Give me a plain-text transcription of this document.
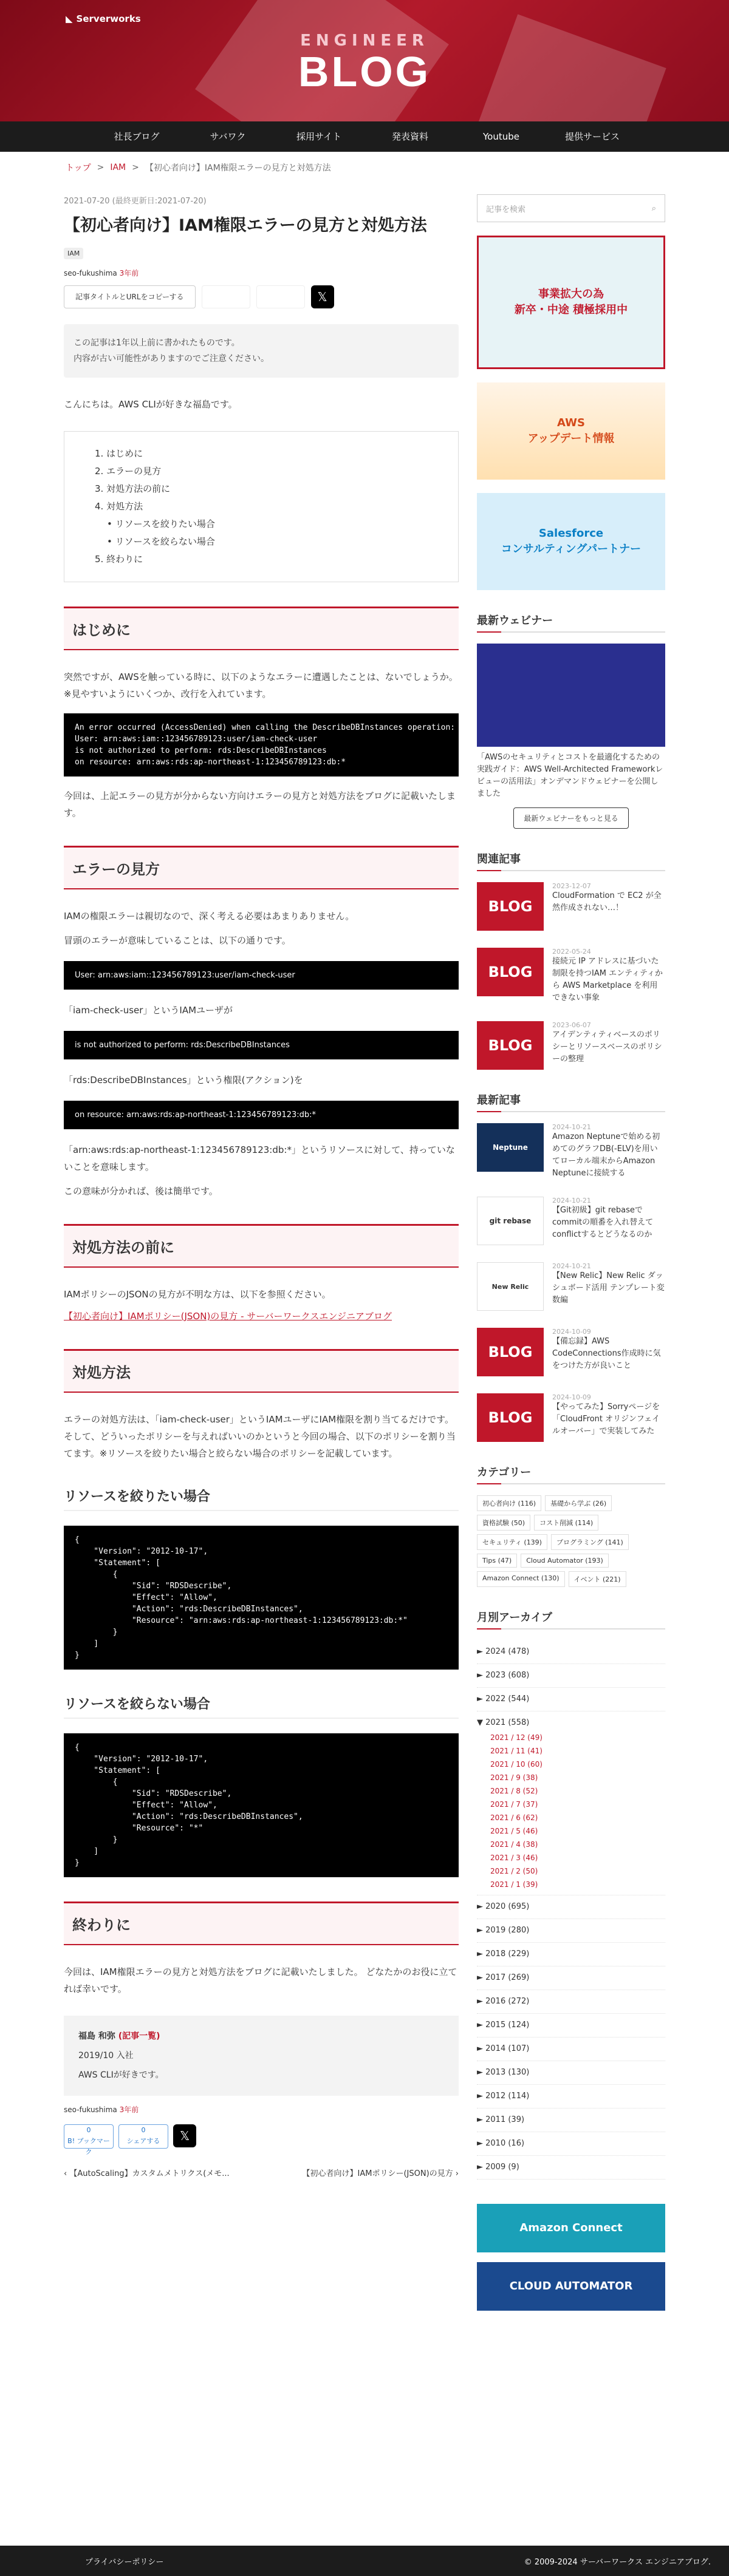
◣ Serverworks
ENGINEER
BLOG
社長ブログ	サバワク	採用サイト	発表資料	Youtube	提供サービス
トップ > IAM > 【初心者向け】IAM権限エラーの見方と対処方法
2021-07-20 (最終更新日:2021-07-20)
【初心者向け】IAM権限エラーの見方と対処方法
IAM
seo-fukushima 3年前
記事タイトルとURLをコピーする	𝕏
この記事は1年以上前に書かれたものです。
内容が古い可能性がありますのでご注意ください。

こんにちは。AWS CLIが好きな福島です。

1. はじめに
2. エラーの見方
3. 対処方法の前に
4. 対処方法
• リソースを絞りたい場合
• リソースを絞らない場合
5. 終わりに
はじめに

突然ですが、AWSを触っている時に、以下のようなエラーに遭遇したことは、ないでしょうか。※見やすいようにいくつか、改行を入れています。

An error occurred (AccessDenied) when calling the DescribeDBInstances operation:
User: arn:aws:iam::123456789123:user/iam-check-user
is not authorized to perform: rds:DescribeDBInstances
on resource: arn:aws:rds:ap-northeast-1:123456789123:db:*

今回は、上記エラーの見方が分からない方向けエラーの見方と対処方法をブログに記載いたします。

エラーの見方

IAMの権限エラーは親切なので、深く考える必要はあまりありません。

冒頭のエラーが意味していることは、以下の通りです。

User: arn:aws:iam::123456789123:user/iam-check-user

「iam-check-user」というIAMユーザが

is not authorized to perform: rds:DescribeDBInstances

「rds:DescribeDBInstances」という権限(アクション)を

on resource: arn:aws:rds:ap-northeast-1:123456789123:db:*

「arn:aws:rds:ap-northeast-1:123456789123:db:*」というリソースに対して、持っていないことを意味します。

この意味が分かれば、後は簡単です。

対処方法の前に

IAMポリシーのJSONの見方が不明な方は、以下を参照ください。

【初心者向け】IAMポリシー(JSON)の見方 - サーバーワークスエンジニアブログ

対処方法

エラーの対処方法は、「iam-check-user」というIAMユーザにIAM権限を割り当てるだけです。そして、どういったポリシーを与えればいいのかというと今回の場合、以下のポリシーを割り当てます。※リソースを絞りたい場合と絞らない場合のポリシーを記載しています。

リソースを絞りたい場合
{
"Version": "2012-10-17",
"Statement": [
{
"Sid": "RDSDescribe",
"Effect": "Allow",
"Action": "rds:DescribeDBInstances",
"Resource": "arn:aws:rds:ap-northeast-1:123456789123:db:*"
}
]
}
リソースを絞らない場合
{
"Version": "2012-10-17",
"Statement": [
{
"Sid": "RDSDescribe",
"Effect": "Allow",
"Action": "rds:DescribeDBInstances",
"Resource": "*"
}
]
}
終わりに

今回は、IAM権限エラーの見方と対処方法をブログに記載いたしました。 どなたかのお役に立てれば幸いです。

福島 和弥 (記事一覧)
2019/10 入社
AWS CLIが好きです。
seo-fukushima 3年前
0
B! ブックマーク
0
シェアする	𝕏
‹ 【AutoScaling】カスタムメトリクス(メモ...	【初心者向け】IAMポリシー(JSON)の見方 ›
記事を検索	⌕
事業拡大の為
新卒・中途 積極採用中
AWS
アップデート情報
Salesforce
コンサルティングパートナー
最新ウェビナー

「AWSのセキュリティとコストを最適化するための実践ガイド：AWS Well-Architected Frameworkレビューの活用法」オンデマンドウェビナーを公開しました

最新ウェビナーをもっと見る
関連記事
BLOG
2023-12-07
CloudFormation で EC2 が全然作成されない…！
BLOG
2022-05-24
接続元 IP アドレスに基づいた制限を持つIAM エンティティから AWS Marketplace を利用できない事象
BLOG
2023-06-07
アイデンティティベースのポリシーとリソースベースのポリシーの整理
最新記事
Neptune
2024-10-21
Amazon Neptuneで始める初めてのグラフDB(-ELV)を用いてローカル端末からAmazon Neptuneに接続する
git rebase
2024-10-21
【Git初級】git rebaseでcommitの順番を入れ替えてconflictするとどうなるのか
New Relic
2024-10-21
【New Relic】New Relic ダッシュボード活用 テンプレート変数編
BLOG
2024-10-09
【備忘録】AWS CodeConnections作成時に気をつけた方が良いこと
BLOG
2024-10-09
【やってみた】Sorryページを「CloudFront オリジンフェイルオーバー」で実装してみた
カテゴリー
初心者向け (116)	基礎から学ぶ (26)
資格試験 (50)	コスト削減 (114)
セキュリティ (139)	プログラミング (141)
Tips (47)	Cloud Automator (193)
Amazon Connect (130)	イベント (221)
月別アーカイブ
► 2024 (478)
► 2023 (608)
► 2022 (544)
▼ 2021 (558)
2021 / 12 (49)
2021 / 11 (41)
2021 / 10 (60)
2021 / 9 (38)
2021 / 8 (52)
2021 / 7 (37)
2021 / 6 (62)
2021 / 5 (46)
2021 / 4 (38)
2021 / 3 (46)
2021 / 2 (50)
2021 / 1 (39)
► 2020 (695)
► 2019 (280)
► 2018 (229)
► 2017 (269)
► 2016 (272)
► 2015 (124)
► 2014 (107)
► 2013 (130)
► 2012 (114)
► 2011 (39)
► 2010 (16)
► 2009 (9)
Amazon Connect
CLOUD AUTOMATOR
プライバシーポリシー	© 2009-2024 サーバーワークス エンジニアブログ.
